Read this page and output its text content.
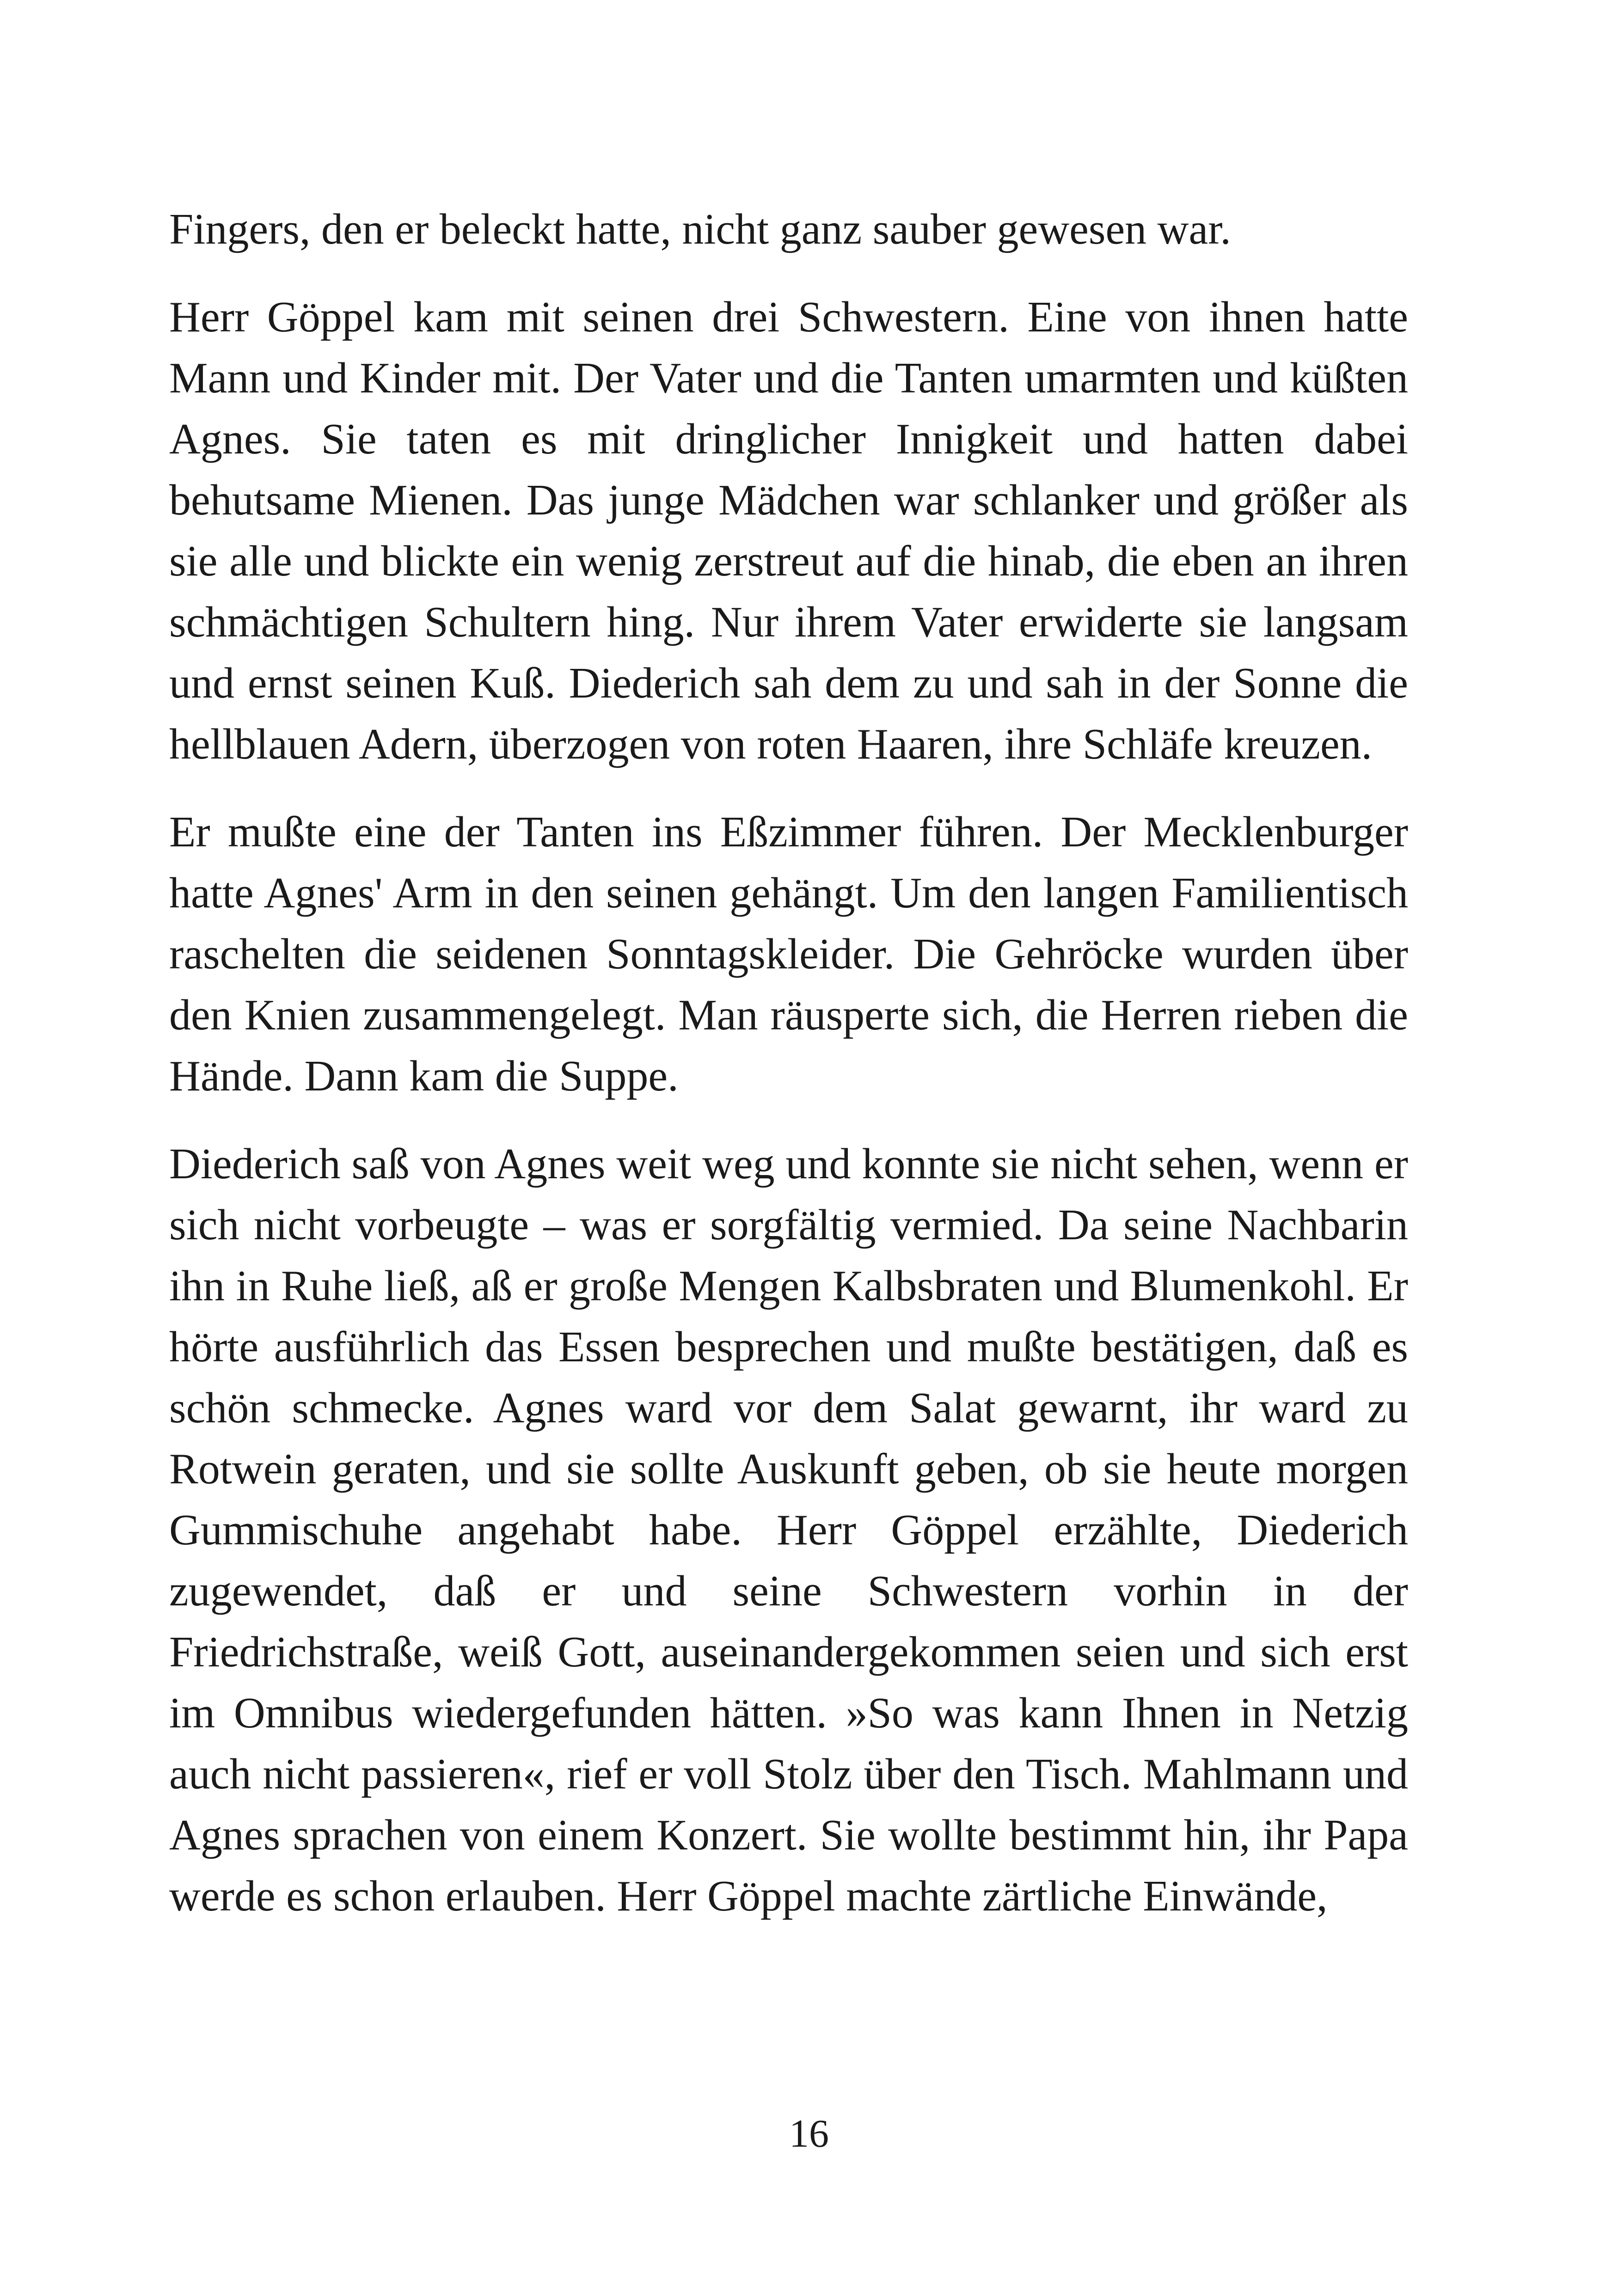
Fingers, den er beleckt hatte, nicht ganz sauber gewesen war.

Herr Göppel kam mit seinen drei Schwestern. Eine von ihnen hatte Mann und Kinder mit. Der Vater und die Tanten umarmten und küßten Agnes. Sie taten es mit dringlicher Innigkeit und hatten dabei behutsame Mienen. Das junge Mädchen war schlanker und größer als sie alle und blickte ein wenig zerstreut auf die hinab, die eben an ihren schmächtigen Schultern hing. Nur ihrem Vater erwiderte sie langsam und ernst seinen Kuß. Diederich sah dem zu und sah in der Sonne die hellblauen Adern, überzogen von roten Haaren, ihre Schläfe kreuzen.

Er mußte eine der Tanten ins Eßzimmer führen. Der Mecklenburger hatte Agnes' Arm in den seinen gehängt. Um den langen Familientisch raschelten die seidenen Sonntagskleider. Die Gehröcke wurden über den Knien zusammengelegt. Man räusperte sich, die Herren rieben die Hände. Dann kam die Suppe.

Diederich saß von Agnes weit weg und konnte sie nicht sehen, wenn er sich nicht vorbeugte – was er sorgfältig vermied. Da seine Nachbarin ihn in Ruhe ließ, aß er große Mengen Kalbsbraten und Blumenkohl. Er hörte ausführlich das Essen besprechen und mußte bestätigen, daß es schön schmecke. Agnes ward vor dem Salat gewarnt, ihr ward zu Rotwein geraten, und sie sollte Auskunft geben, ob sie heute morgen Gummischuhe angehabt habe. Herr Göppel erzählte, Diederich zugewendet, daß er und seine Schwestern vorhin in der Friedrichstraße, weiß Gott, auseinandergekommen seien und sich erst im Omnibus wiedergefunden hätten. »So was kann Ihnen in Netzig auch nicht passieren«, rief er voll Stolz über den Tisch. Mahlmann und Agnes sprachen von einem Konzert. Sie wollte bestimmt hin, ihr Papa werde es schon erlauben. Herr Göppel machte zärtliche Einwände,

16
